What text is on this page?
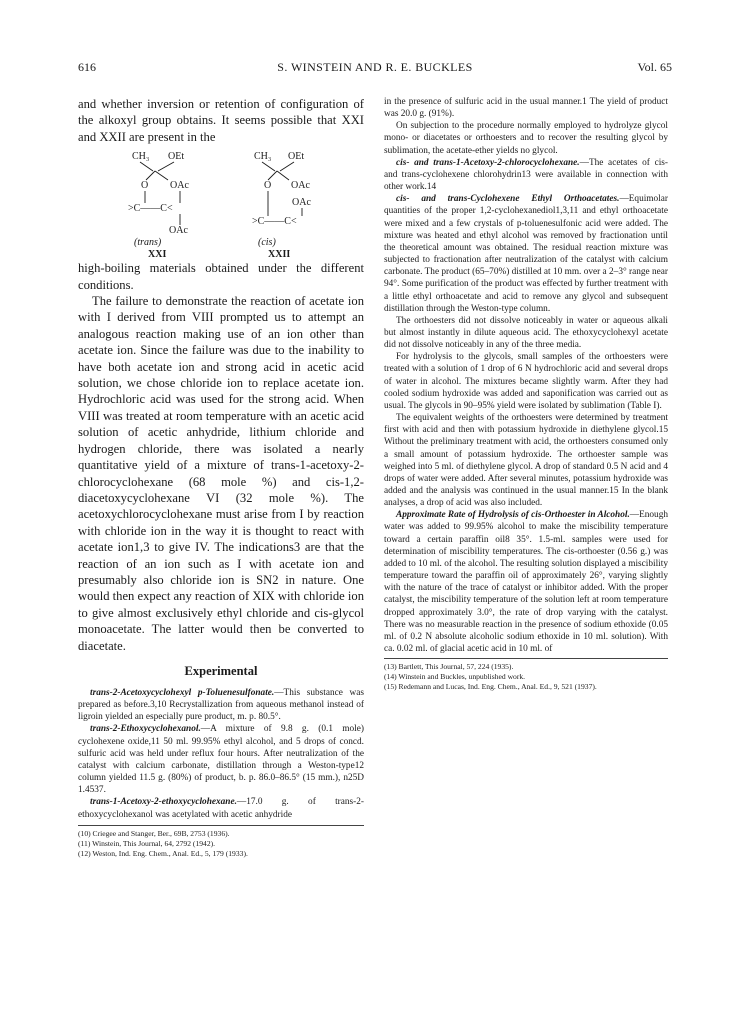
616	S. WINSTEIN AND R. E. BUCKLES	Vol. 65

and whether inversion or retention of configuration of the alkoxyl group obtains. It seems possible that XXI and XXII are present in the

CH₃ OEt
O OAc
>C——C<
OAc
(trans)
XXI
CH₃ OEt
O OAc
OAc
>C——C<
(cis)
XXII

high-boiling materials obtained under the different conditions.

The failure to demonstrate the reaction of acetate ion with I derived from VIII prompted us to attempt an analogous reaction making use of an ion other than acetate ion. Since the failure was due to the inability to have both acetate ion and strong acid in acetic acid solution, we chose chloride ion to replace acetate ion. Hydrochloric acid was used for the strong acid. When VIII was treated at room temperature with an acetic acid solution of acetic anhydride, lithium chloride and hydrogen chloride, there was isolated a nearly quantitative yield of a mixture of trans-1-acetoxy-2-chlorocyclohexane (68 mole %) and cis-1,2-diacetoxycyclohexane VI (32 mole %). The acetoxychlorocyclohexane must arise from I by reaction with chloride ion in the way it is thought to react with acetate ion1,3 to give IV. The indications3 are that the reaction of an ion such as I with acetate ion and presumably also chloride ion is SN2 in nature. One would then expect any reaction of XIX with chloride ion to give almost exclusively ethyl chloride and cis-glycol monoacetate. The latter would then be converted to diacetate.

Experimental

trans-2-Acetoxycyclohexyl p-Toluenesulfonate.—This substance was prepared as before.3,10 Recrystallization from aqueous methanol instead of ligroin yielded an especially pure product, m. p. 80.5°.

trans-2-Ethoxycyclohexanol.—A mixture of 9.8 g. (0.1 mole) cyclohexene oxide,11 50 ml. 99.95% ethyl alcohol, and 5 drops of concd. sulfuric acid was held under reflux four hours. After neutralization of the catalyst with calcium carbonate, distillation through a Weston-type12 column yielded 11.5 g. (80%) of product, b. p. 86.0–86.5° (15 mm.), n25D 1.4537.

trans-1-Acetoxy-2-ethoxycyclohexane.—17.0 g. of trans-2-ethoxycyclohexanol was acetylated with acetic anhydride

(10) Criegee and Stanger, Ber., 69B, 2753 (1936).

(11) Winstein, This Journal, 64, 2792 (1942).

(12) Weston, Ind. Eng. Chem., Anal. Ed., 5, 179 (1933).

in the presence of sulfuric acid in the usual manner.1 The yield of product was 20.0 g. (91%).

On subjection to the procedure normally employed to hydrolyze glycol mono- or diacetates or orthoesters and to recover the resulting glycol by sublimation, the acetate-ether yields no glycol.

cis- and trans-1-Acetoxy-2-chlorocyclohexane.—The acetates of cis- and trans-cyclohexene chlorohydrin13 were available in connection with other work.14

cis- and trans-Cyclohexene Ethyl Orthoacetates.—Equimolar quantities of the proper 1,2-cyclohexanediol1,3,11 and ethyl orthoacetate were mixed and a few crystals of p-toluenesulfonic acid were added. The mixture was heated and ethyl alcohol was removed by fractionation until the theoretical amount was obtained. The residual reaction mixture was subjected to fractionation after neutralization of the catalyst with calcium carbonate. The product (65–70%) distilled at 10 mm. over a 2–3° range near 94°. Some purification of the product was effected by further treatment with a little ethyl orthoacetate and acid to remove any glycol and subsequent distillation through the Weston-type column.

The orthoesters did not dissolve noticeably in water or aqueous alkali but almost instantly in dilute aqueous acid. The ethoxycyclohexyl acetate did not dissolve noticeably in any of the three media.

For hydrolysis to the glycols, small samples of the orthoesters were treated with a solution of 1 drop of 6 N hydrochloric acid and several drops of water in alcohol. The mixtures became slightly warm. After they had cooled sodium hydroxide was added and saponification was carried out as usual. The glycols in 90–95% yield were isolated by sublimation (Table I).

The equivalent weights of the orthoesters were determined by treatment first with acid and then with potassium hydroxide in diethylene glycol.15 Without the preliminary treatment with acid, the orthoesters consumed only a small amount of potassium hydroxide. The orthoester sample was weighed into 5 ml. of diethylene glycol. A drop of standard 0.5 N acid and 4 drops of water were added. After several minutes, potassium hydroxide was added and the analysis was continued in the usual manner.15 In the blank analyses, a drop of acid was also included.

Approximate Rate of Hydrolysis of cis-Orthoester in Alcohol.—Enough water was added to 99.95% alcohol to make the miscibility temperature toward a certain paraffin oil8 35°. 1.5-ml. samples were used for determination of miscibility temperatures. The cis-orthoester (0.56 g.) was added to 10 ml. of the alcohol. The resulting solution displayed a miscibility temperature toward the paraffin oil of approximately 26°, varying slightly with the nature of the trace of catalyst or inhibitor added. With the proper catalyst, the miscibility temperature of the solution left at room temperature dropped approximately 3.0°, the rate of drop varying with the catalyst. There was no measurable reaction in the presence of sodium ethoxide (0.05 ml. of 0.2 N absolute alcoholic sodium ethoxide in 10 ml. solution). With ca. 0.02 ml. of glacial acetic acid in 10 ml. of

(13) Bartlett, This Journal, 57, 224 (1935).

(14) Winstein and Buckles, unpublished work.

(15) Redemann and Lucas, Ind. Eng. Chem., Anal. Ed., 9, 521 (1937).
